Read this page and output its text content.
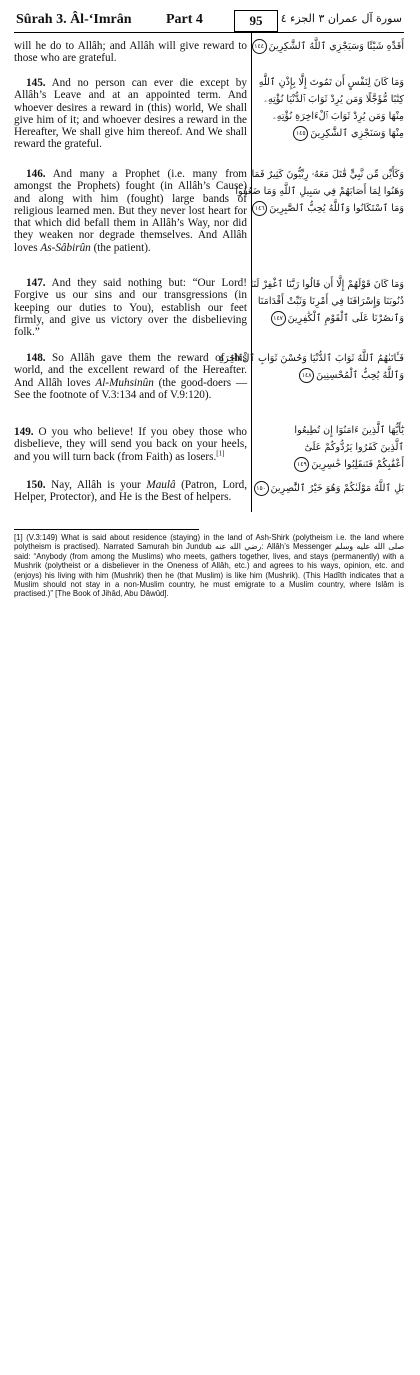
Sûrah 3. Âl-‘Imrân Part 4	95	سورة آل عمران ٣ الجزء ٤

will he do to Allâh; and Allâh will give reward to those who are grateful.

145. And no person can ever die except by Allâh’s Leave and at an appointed term. And whoever desires a reward in (this) world, We shall give him of it; and whoever desires a reward in the Hereafter, We shall give him thereof. And We shall reward the grateful.

146. And many a Prophet (i.e. many from amongst the Prophets) fought (in Allâh’s Cause) and along with him (fought) large bands of religious learned men. But they never lost heart for that which did befall them in Allâh’s Way, nor did they weaken nor degrade themselves. And Allâh loves As-Sâbirûn (the patient).

147. And they said nothing but: “Our Lord! Forgive us our sins and our transgressions (in keeping our duties to You), establish our feet firmly, and give us victory over the disbelieving folk.”

148. So Allâh gave them the reward of this world, and the excellent reward of the Hereafter. And Allâh loves Al-Muhsinûn (the good-doers — See the footnote of V.3:134 and of V.9:120).

149. O you who believe! If you obey those who disbelieve, they will send you back on your heels, and you will turn back (from Faith) as losers.[1]

150. Nay, Allâh is your Maulâ (Patron, Lord, Helper, Protector), and He is the Best of helpers.

أَقَدِّهِ شَيْئًا وَسَيَجْزِي ٱللَّهُ ٱلشَّٰكِرِينَ١٤٤
وَمَا كَانَ لِنَفْسٍ أَن تَمُوتَ إِلَّا بِإِذْنِ ٱللَّهِ
كِتَٰبًا مُّؤَجَّلًا وَمَن يُرِدْ ثَوَابَ ٱلدُّنْيَا نُؤْتِهِۦ
مِنْهَا وَمَن يُرِدْ ثَوَابَ ٱلْءَاخِرَةِ نُؤْتِهِۦ
مِنْهَا وَسَنَجْزِي ٱلشَّٰكِرِينَ١٤٥
وَكَأَيِّن مِّن نَّبِيٍّ قَٰتَلَ مَعَهُۥ رِبِّيُّونَ كَثِيرٌ فَمَا
وَهَنُوا لِمَا أَصَابَهُمْ فِي سَبِيلِ ٱللَّهِ وَمَا ضَعُفُوا
وَمَا ٱسْتَكَانُوا وَٱللَّهُ يُحِبُّ ٱلصَّٰبِرِينَ١٤٦
وَمَا كَانَ قَوْلَهُمْ إِلَّا أَن قَالُوا رَبَّنَا ٱغْفِرْ لَنَا
ذُنُوبَنَا وَإِسْرَافَنَا فِي أَمْرِنَا وَثَبِّتْ أَقْدَامَنَا
وَٱنصُرْنَا عَلَى ٱلْقَوْمِ ٱلْكَٰفِرِينَ١٤٧
فَـَٔاتَىٰهُمُ ٱللَّهُ ثَوَابَ ٱلدُّنْيَا وَحُسْنَ ثَوَابِ ٱلْءَاخِرَةِ
وَٱللَّهُ يُحِبُّ ٱلْمُحْسِنِينَ١٤٨
يَٰٓأَيُّهَا ٱلَّذِينَ ءَامَنُوٓا إِن تُطِيعُوا
ٱلَّذِينَ كَفَرُوا يَرُدُّوكُمْ عَلَىٰٓ
أَعْقَٰبِكُمْ فَتَنقَلِبُوا خَٰسِرِينَ١٤٩
بَلِ ٱللَّهُ مَوْلَىٰكُمْ وَهُوَ خَيْرُ ٱلنَّٰصِرِينَ١٥٠
[1] (V.3:149) What is said about residence (staying) in the land of Ash-Shirk (polytheism i.e. the land where polytheism is practised). Narrated Samurah bin Jundub رضي الله عنه: Allâh’s Messenger صلى الله عليه وسلم said: “Anybody (from among the Muslims) who meets, gathers together, lives, and stays (permanently) with a Mushrik (polytheist or a disbeliever in the Oneness of Allâh, etc.) and agrees to his ways, opinion, etc. and (enjoys) his living with him (Mushrik) then he (that Muslim) is like him (Mushrik). (This Hadîth indicates that a Muslim should not stay in a non-Muslim country, he must emigrate to a Muslim country, where Islâm is practised.)” [The Book of Jihâd, Abu Dâwûd].
